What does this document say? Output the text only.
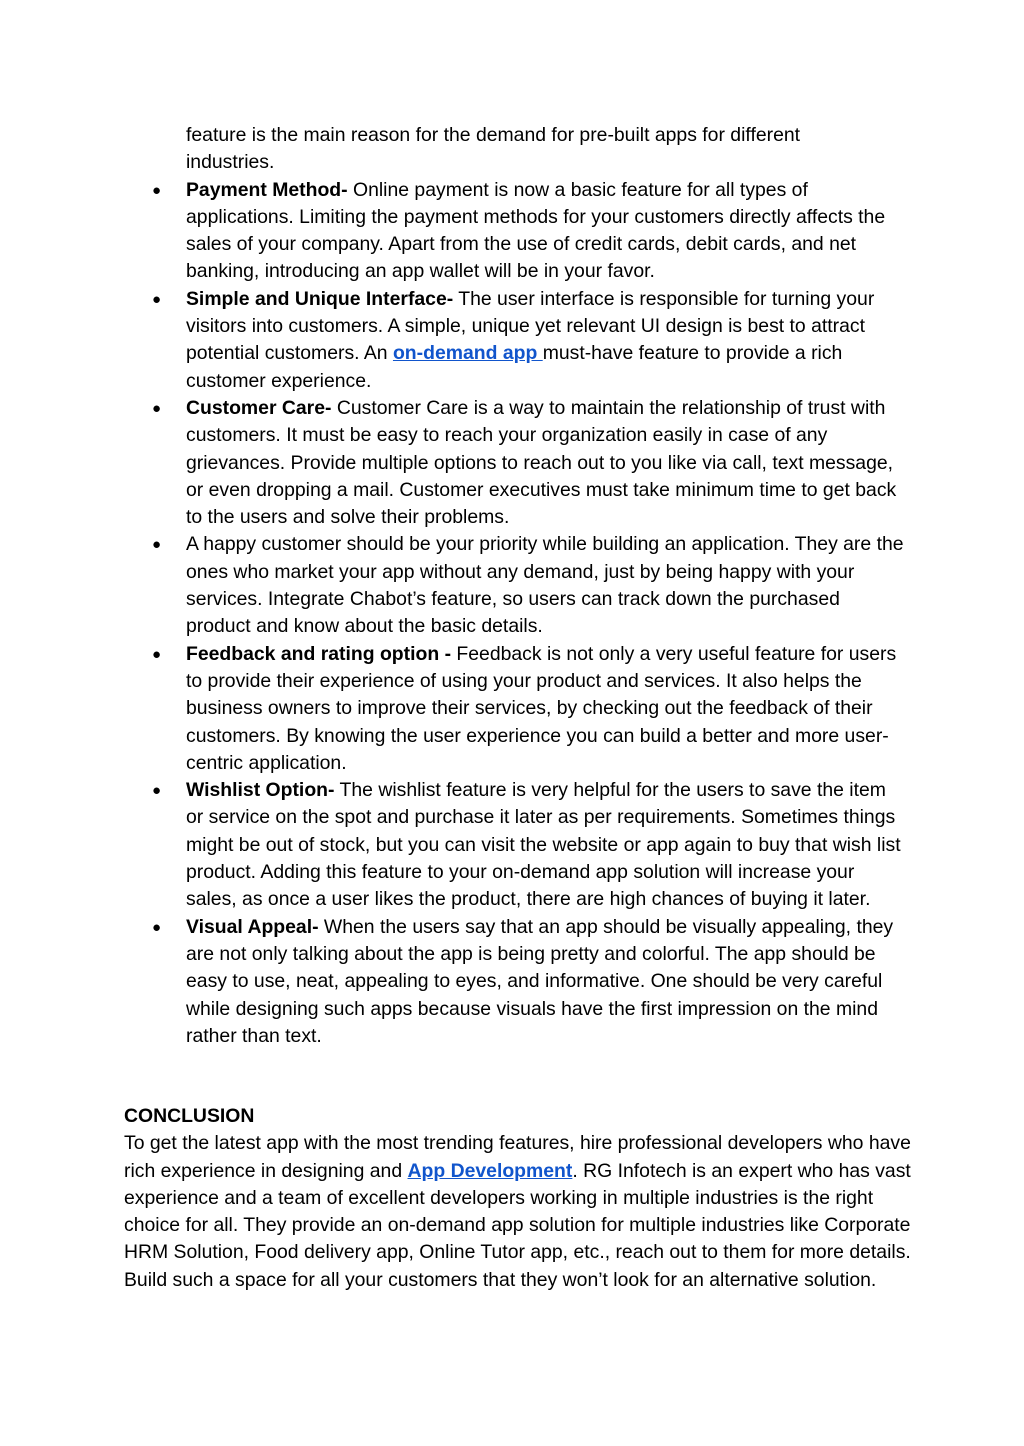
feature is the main reason for the demand for pre-built apps for different
industries.
● Payment Method- Online payment is now a basic feature for all types of applications. Limiting the payment methods for your customers directly affects the sales of your company. Apart from the use of credit cards, debit cards, and net banking, introducing an app wallet will be in your favor.
● Simple and Unique Interface- The user interface is responsible for turning your visitors into customers. A simple, unique yet relevant UI design is best to attract potential customers. An on-demand app must-have feature to provide a rich customer experience.
● Customer Care- Customer Care is a way to maintain the relationship of trust with customers. It must be easy to reach your organization easily in case of any grievances. Provide multiple options to reach out to you like via call, text message, or even dropping a mail. Customer executives must take minimum time to get back to the users and solve their problems.
● A happy customer should be your priority while building an application. They are the ones who market your app without any demand, just by being happy with your services. Integrate Chabot’s feature, so users can track down the purchased product and know about the basic details.
● Feedback and rating option - Feedback is not only a very useful feature for users to provide their experience of using your product and services. It also helps the business owners to improve their services, by checking out the feedback of their customers. By knowing the user experience you can build a better and more user-centric application.
● Wishlist Option- The wishlist feature is very helpful for the users to save the item or service on the spot and purchase it later as per requirements. Sometimes things might be out of stock, but you can visit the website or app again to buy that wish list product. Adding this feature to your on-demand app solution will increase your sales, as once a user likes the product, there are high chances of buying it later.
● Visual Appeal- When the users say that an app should be visually appealing, they are not only talking about the app is being pretty and colorful. The app should be easy to use, neat, appealing to eyes, and informative. One should be very careful while designing such apps because visuals have the first impression on the mind rather than text.
CONCLUSION

To get the latest app with the most trending features, hire professional developers who have rich experience in designing and App Development. RG Infotech is an expert who has vast experience and a team of excellent developers working in multiple industries is the right choice for all. They provide an on-demand app solution for multiple industries like Corporate HRM Solution, Food delivery app, Online Tutor app, etc., reach out to them for more details. Build such a space for all your customers that they won’t look for an alternative solution.
